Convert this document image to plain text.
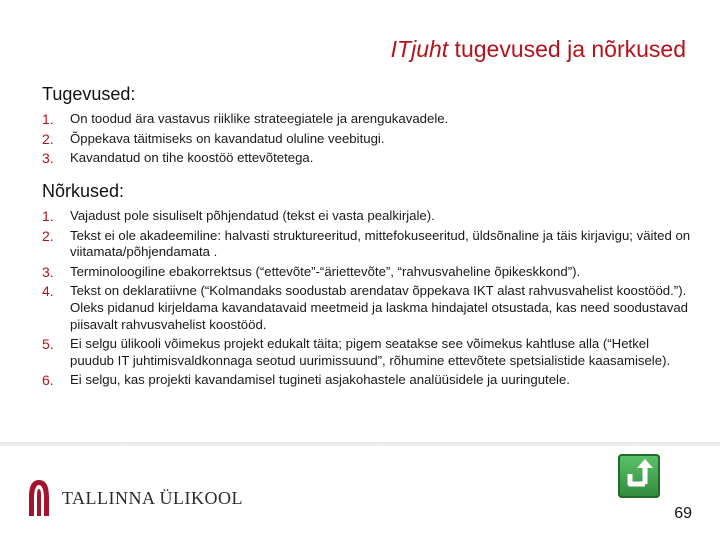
ITjuht tugevused ja nõrkused
Tugevused:
1.	On toodud ära vastavus riiklike strateegiatele ja arengukavadele.
2.	Õppekava täitmiseks on kavandatud oluline veebitugi.
3.	Kavandatud on tihe koostöö ettevõtetega.
Nõrkused:
1.	Vajadust pole sisuliselt põhjendatud (tekst ei vasta pealkirjale).
2.	Tekst ei ole akadeemiline: halvasti struktureeritud, mittefokuseeritud, üldsõnaline ja täis kirjavigu; väited on viitamata/põhjendamata .
3.	Terminoloogiline ebakorrektsus (“ettevõte”-“äriettevõte”, “rahvusvaheline õpikeskkond”).
4.	Tekst on deklaratiivne (“Kolmandaks soodustab arendatav õppekava IKT alast rahvusvahelist koostööd.”). Oleks pidanud kirjeldama kavandatavaid meetmeid ja laskma hindajatel otsustada, kas need soodustavad piisavalt rahvusvahelist koostööd.
5.	Ei selgu ülikooli võimekus projekt edukalt täita; pigem seatakse see võimekus kahtluse alla (“Hetkel puudub IT juhtimisvaldkonnaga seotud uurimissuund”, rõhumine ettevõtete spetsialistide kaasamisele).
6.	Ei selgu, kas projekti kavandamisel tugineti asjakohastele analüüsidele ja uuringutele.
TALLINNA ÜLIKOOL
69
